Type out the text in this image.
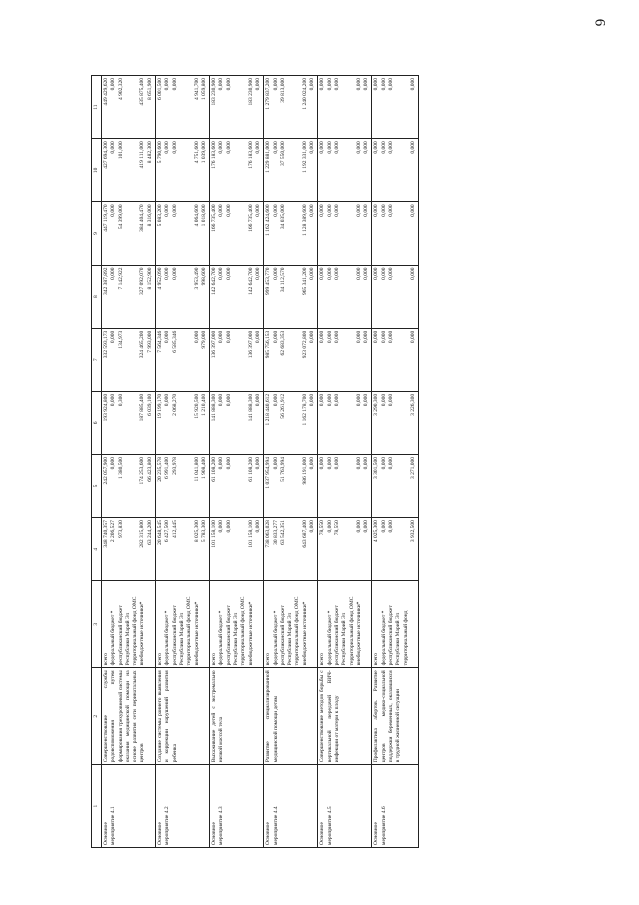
6
1	2	3	4	5	6	7	8	9	10	11

Основное мероприятие 4.1	Совершенствование службы родовспоможения путем формирования трехуровневой системы оказания медицинской помощи на основе развития сети перинатальных центров	всего федеральный бюджет * республиканский бюджет Республики Марий Эл территориальный фонд ОМС внебюджетные источники*	348 740,357 2 206,527 973,830 282 315,800 63 244,200	242 057,900 0,000 1 380,500 174 253,600 66 423,800	193 924,800 0,000 0,300 187 885,400 6 039,100	332 593,173 0,000 134,973 324 465,200 7 993,000	342 387,892 0,000 7 142,922 327 092,070 8 152,900	447 119,470 0,000 54 399,000 384 404,470 8 316,000	427 694,300 0,000 101,000 419 111,000 8 482,300	449 429,620 0,000 4 902,320 435 875,400 8 651,900

Основное мероприятие 4.2	Создание системы раннего выявления и коррекции нарушений развития ребенка	всего федеральный бюджет * республиканский бюджет Республики Марий Эл территориальный фонд ОМС внебюджетные источники*	20 648,545 6 427,500 412,445 8 025,300 5 783,300	20 235,578 6 991,400 293,978 11 041,800 1 908,400	19 199,170 0,000 2 068,270 15 920,500 1 210,400	7 564,346 0,000 6 585,346 0,000 979,000	4 952,090 0,000 0,000 3 953,490 998,600	5 083,200 0,000 0,000 4 064,600 1 018,600	5 790,600 0,000 0,000 4 751,600 1 039,000	6 001,500 0,000 0,000 4 941,700 1 059,800

Основное мероприятие 4.3	Выхаживание детей с экстремально низкой массой тела	всего федеральный бюджет * республиканский бюджет Республики Марий Эл территориальный фонд ОМС внебюджетные источники*	101 158,100 0,000 0,000 101 158,100 0,000	61 108,200 0,000 0,000 61 108,200 0,000	141 888,300 0,000 0,000 141 888,300 0,000	136 397,000 0,000 0,000 136 397,000 0,000	142 642,700 0,000 0,000 142 642,700 0,000	166 735,400 0,000 0,000 166 735,400 0,000	176 183,600 0,000 0,000 176 183,600 0,000	183 230,900 0,000 0,000 183 230,900 0,000

Основное мероприятие 4.4	Развитие специализированной медицинской помощи детям	всего федеральный бюджет * республиканский бюджет Республики Марий Эл территориальный фонд ОМС внебюджетные источники*	738 063,028 30 833,277 63 542,351 643 687,400 0,000	1 037 954,994 0,000 51 763,994 986 191,000 0,000	1 218 440,612 0,000 56 261,912 1 162 178,700 0,000	985 756,153 0,000 62 683,353 923 072,800 0,000	999 453,770 0,000 34 112,570 965 341,200 0,000	1 162 424,600 0,000 34 035,000 1 128 389,600 0,000	1 229 881,000 0,000 37 550,000 1 192 331,000 0,000	1 279 837,200 0,000 39 813,000 1 240 024,200 0,000

Основное мероприятие 4.5	Совершенствование методов борьбы с вертикальной передачей ВИЧ-инфекции от матери к плоду	всего федеральный бюджет * республиканский бюджет Республики Марий Эл территориальный фонд ОМС внебюджетные источники*	78,550 0,000 78,550 0,000 0,000	0,000 0,000 0,000 0,000 0,000	0,000 0,000 0,000 0,000 0,000	0,000 0,000 0,000 0,000 0,000	0,000 0,000 0,000 0,000 0,000	0,000 0,000 0,000 0,000 0,000	0,000 0,000 0,000 0,000 0,000	0,000 0,000 0,000 0,000 0,000

Основное мероприятие 4.6	Профилактика абортов. Развитие центров медико-социальной поддержки беременных, оказавшихся в трудной жизненной ситуации	всего федеральный бюджет * республиканский бюджет Республики Марий Эл территориальный фонд	4 025,300 0,000 0,000 3 932,500	3 301,500 0,000 0,000 3 271,000	3 290,300 0,000 0,000 3 226,300	0,000 0,000 0,000 0,000	0,000 0,000 0,000 0,000	0,000 0,000 0,000 0,000	0,000 0,000 0,000 0,000	0,000 0,000 0,000 0,000
